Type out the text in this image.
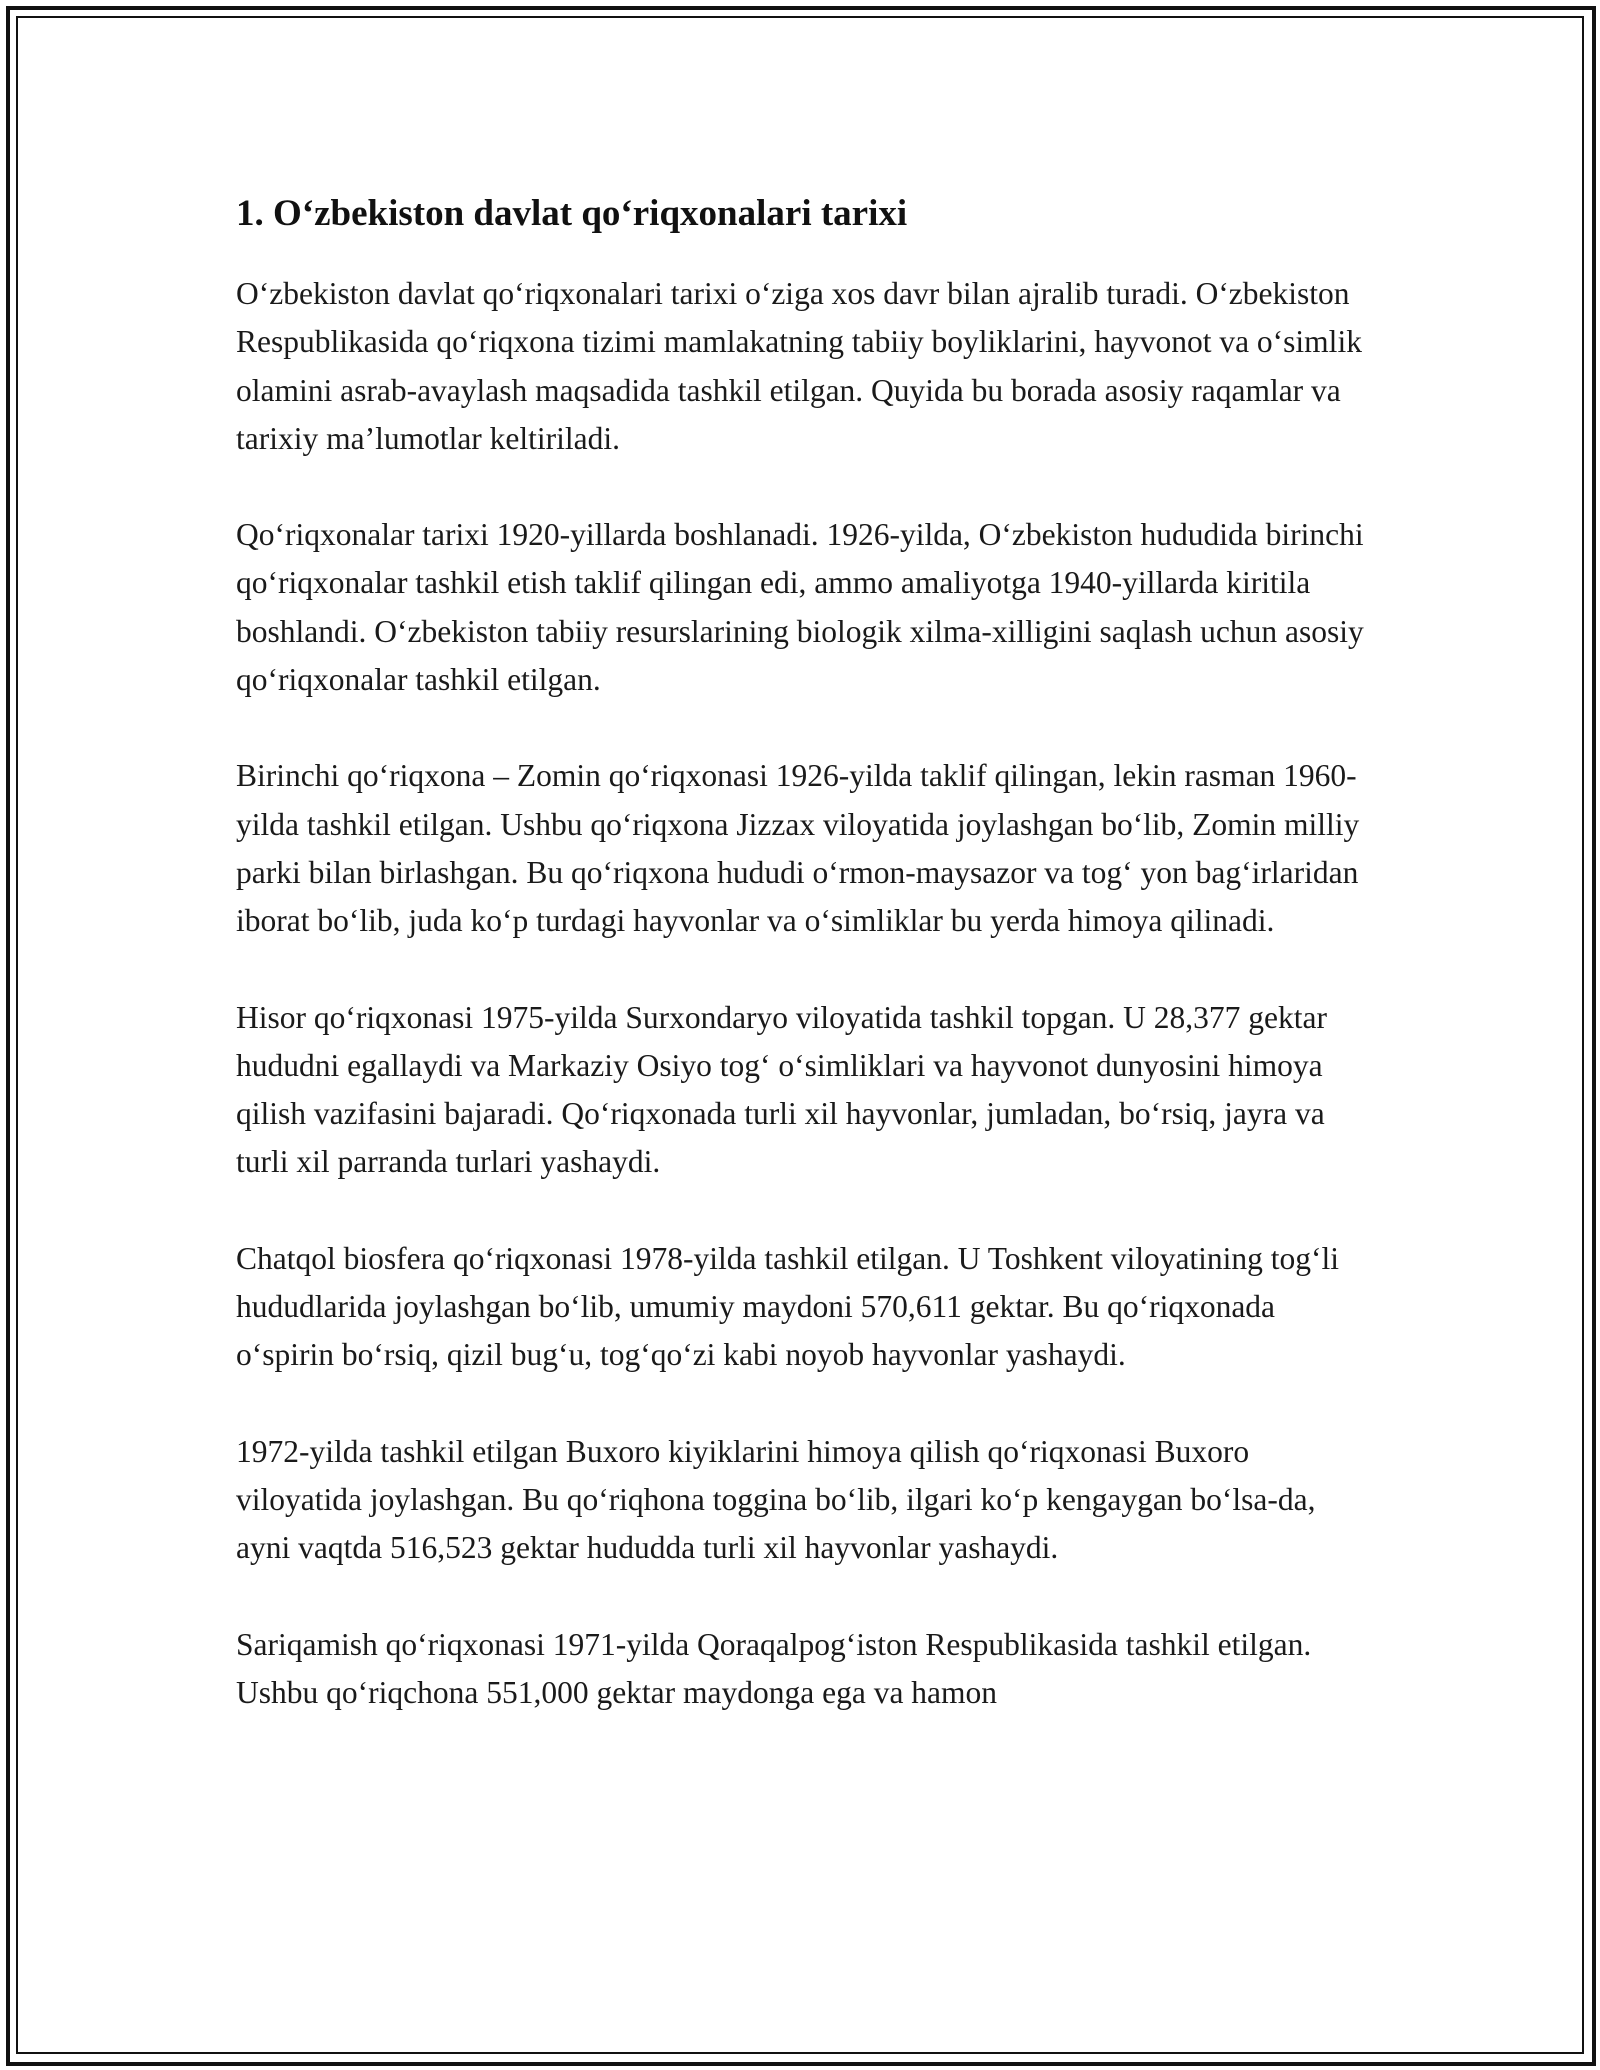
1. O‘zbekiston davlat qo‘riqxonalari tarixi

O‘zbekiston davlat qo‘riqxonalari tarixi o‘ziga xos davr bilan ajralib turadi. O‘zbekiston Respublikasida qo‘riqxona tizimi mamlakatning tabiiy boyliklarini, hayvonot va o‘simlik olamini asrab-avaylash maqsadida tashkil etilgan. Quyida bu borada asosiy raqamlar va tarixiy ma’lumotlar keltiriladi.

Qo‘riqxonalar tarixi 1920-yillarda boshlanadi. 1926-yilda, O‘zbekiston hududida birinchi qo‘riqxonalar tashkil etish taklif qilingan edi, ammo amaliyotga 1940-yillarda kiritila boshlandi. O‘zbekiston tabiiy resurslarining biologik xilma-xilligini saqlash uchun asosiy qo‘riqxonalar tashkil etilgan.

Birinchi qo‘riqxona – Zomin qo‘riqxonasi 1926-yilda taklif qilingan, lekin rasman 1960-yilda tashkil etilgan. Ushbu qo‘riqxona Jizzax viloyatida joylashgan bo‘lib, Zomin milliy parki bilan birlashgan. Bu qo‘riqxona hududi o‘rmon-maysazor va tog‘ yon bag‘irlaridan iborat bo‘lib, juda ko‘p turdagi hayvonlar va o‘simliklar bu yerda himoya qilinadi.

Hisor qo‘riqxonasi 1975-yilda Surxondaryo viloyatida tashkil topgan. U 28,377 gektar hududni egallaydi va Markaziy Osiyo tog‘ o‘simliklari va hayvonot dunyosini himoya qilish vazifasini bajaradi. Qo‘riqxonada turli xil hayvonlar, jumladan, bo‘rsiq, jayra va turli xil parranda turlari yashaydi.

Chatqol biosfera qo‘riqxonasi 1978-yilda tashkil etilgan. U Toshkent viloyatining tog‘li hududlarida joylashgan bo‘lib, umumiy maydoni 570,611 gektar. Bu qo‘riqxonada o‘spirin bo‘rsiq, qizil bug‘u, tog‘qo‘zi kabi noyob hayvonlar yashaydi.

1972-yilda tashkil etilgan Buxoro kiyiklarini himoya qilish qo‘riqxonasi Buxoro viloyatida joylashgan. Bu qo‘riqhona toggina bo‘lib, ilgari ko‘p kengaygan bo‘lsa-da, ayni vaqtda 516,523 gektar hududda turli xil hayvonlar yashaydi.

Sariqamish qo‘riqxonasi 1971-yilda Qoraqalpog‘iston Respublikasida tashkil etilgan. Ushbu qo‘riqchona 551,000 gektar maydonga ega va hamon
